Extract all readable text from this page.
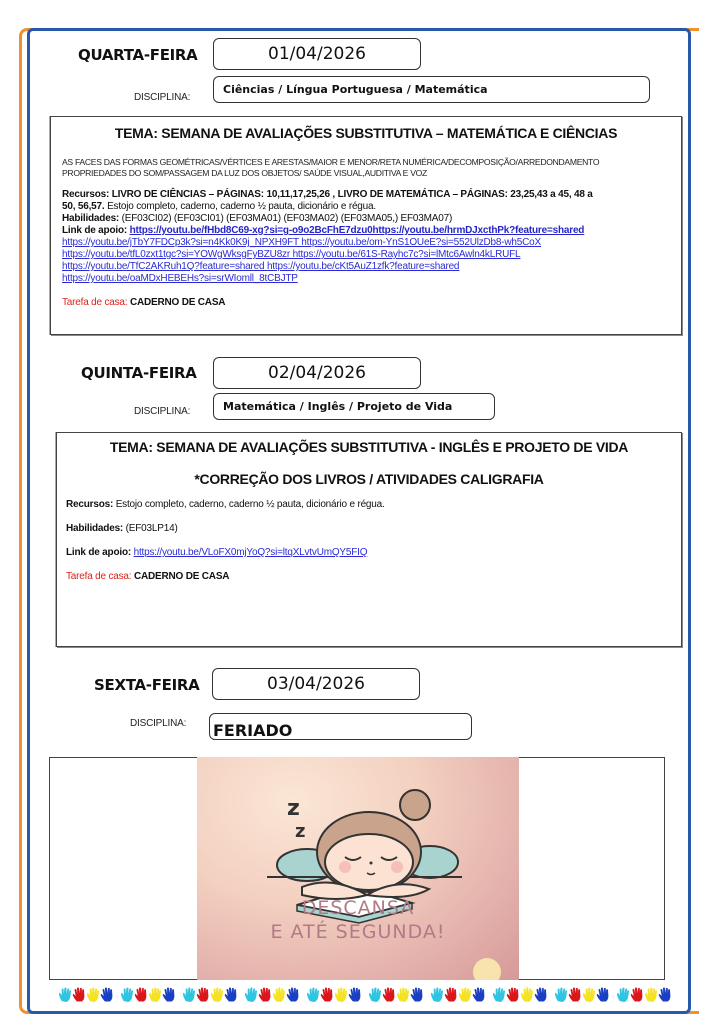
QUARTA-FEIRA	01/04/2026
DISCIPLINA:
Ciências / Língua Portuguesa / Matemática
TEMA: SEMANA DE AVALIAÇÕES SUBSTITUTIVA – MATEMÁTICA E CIÊNCIAS
AS FACES DAS FORMAS GEOMÉTRICAS/VÉRTICES E ARESTAS/MAIOR E MENOR/RETA NUMÉRICA/DECOMPOSIÇÃO/ARREDONDAMENTO
PROPRIEDADES DO SOM/PASSAGEM DA LUZ DOS OBJETOS/ SAÚDE VISUAL,AUDITIVA E VOZ
Recursos: LIVRO DE CIÊNCIAS – PÁGINAS: 10,11,17,25,26 , LIVRO DE MATEMÁTICA – PÁGINAS: 23,25,43 a 45, 48 a
50, 56,57. Estojo completo, caderno, caderno ½ pauta, dicionário e régua.
Habilidades: (EF03CI02) (EF03CI01) (EF03MA01) (EF03MA02) (EF03MA05,) EF03MA07)
Link de apoio: https://youtu.be/fHbd8C69-xg?si=g-o9o2BcFhE7dzu0https://youtu.be/hrmDJxcthPk?feature=shared
https://youtu.be/jTbY7FDCp3k?si=n4Kk0K9j_NPXH9FT https://youtu.be/om-YnS1OUeE?si=552UlzDb8-wh5CoX
https://youtu.be/tfL0zxt1tgc?si=YOWgWksgFyBZU8zr https://youtu.be/61S-Rayhc7c?si=lMtc6Awln4kLRUFL
https://youtu.be/TfC2AKRuh1Q?feature=shared https://youtu.be/cKt5AuZ1zfk?feature=shared
https://youtu.be/oaMDxHEBEHs?si=srWIomll_8tCBJTP
Tarefa de casa: CADERNO DE CASA
QUINTA-FEIRA	02/04/2026
DISCIPLINA:	Matemática / Inglês / Projeto de Vida
TEMA: SEMANA DE AVALIAÇÕES SUBSTITUTIVA - INGLÊS E PROJETO DE VIDA
*CORREÇÃO DOS LIVROS / ATIVIDADES CALIGRAFIA
Recursos: Estojo completo, caderno, caderno ½ pauta, dicionário e régua.
Habilidades: (EF03LP14)
Link de apoio: https://youtu.be/VLoFX0mjYoQ?si=ltqXLvtvUmQY5FIQ
Tarefa de casa: CADERNO DE CASA
SEXTA-FEIRA	03/04/2026
DISCIPLINA: FERIADO
z
z
DESCANSA
E ATÉ SEGUNDA!
